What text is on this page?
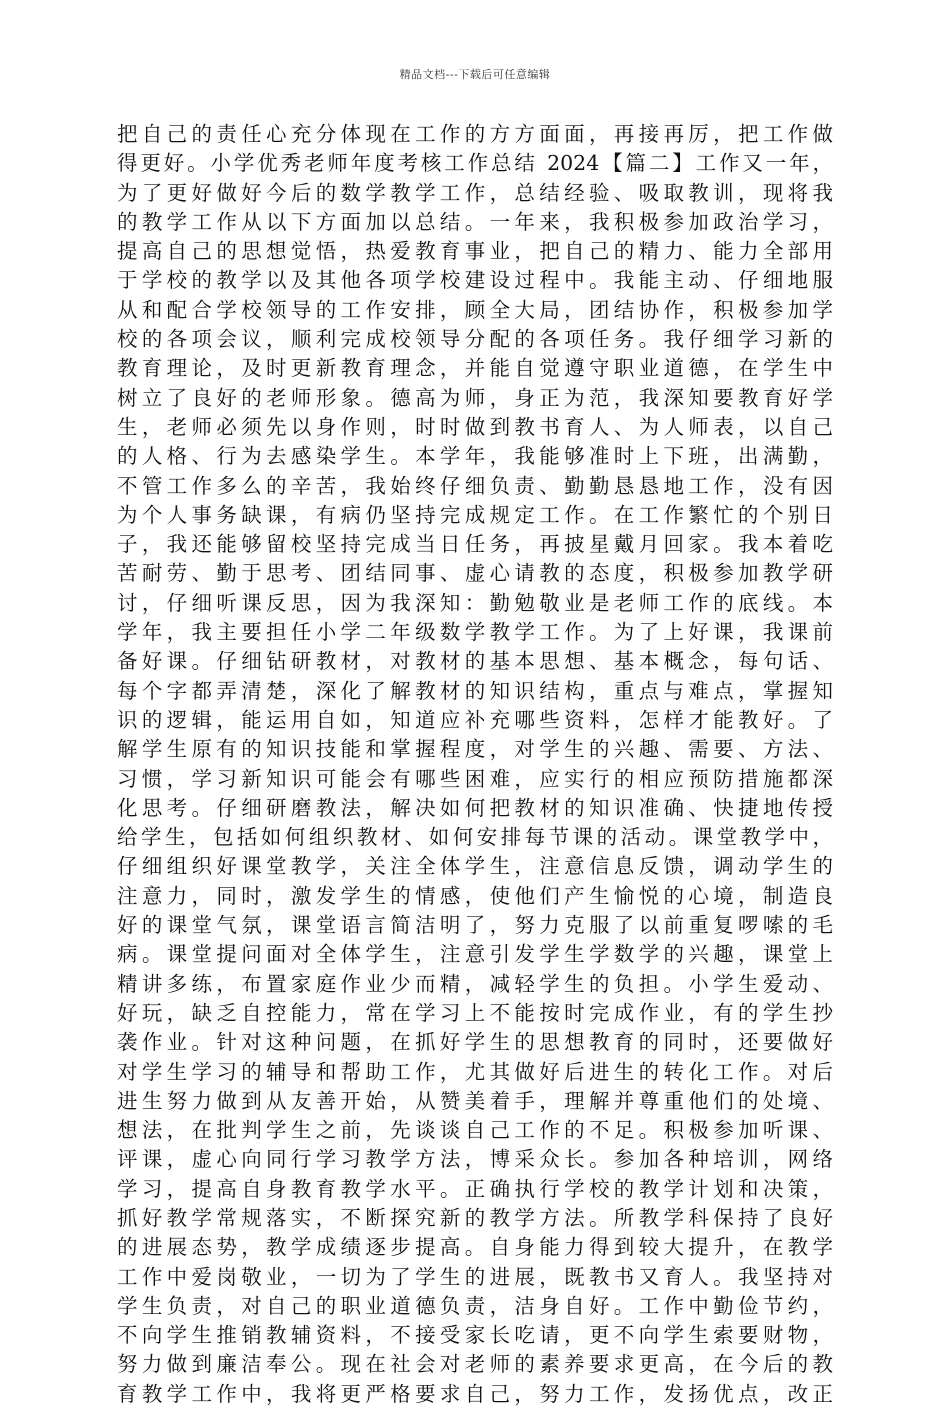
精品文档---下载后可任意编辑
把自己的责任心充分体现在工作的方方面面，再接再厉，把工作做
得更好。小学优秀老师年度考核工作总结 2024【篇二】工作又一年，
为了更好做好今后的数学教学工作，总结经验、吸取教训，现将我
的教学工作从以下方面加以总结。一年来，我积极参加政治学习，
提高自己的思想觉悟，热爱教育事业，把自己的精力、能力全部用
于学校的教学以及其他各项学校建设过程中。我能主动、仔细地服
从和配合学校领导的工作安排，顾全大局，团结协作，积极参加学
校的各项会议，顺利完成校领导分配的各项任务。我仔细学习新的
教育理论，及时更新教育理念，并能自觉遵守职业道德，在学生中
树立了良好的老师形象。德高为师，身正为范，我深知要教育好学
生，老师必须先以身作则，时时做到教书育人、为人师表，以自己
的人格、行为去感染学生。本学年，我能够准时上下班，出满勤，
不管工作多么的辛苦，我始终仔细负责、勤勤恳恳地工作，没有因
为个人事务缺课，有病仍坚持完成规定工作。在工作繁忙的个别日
子，我还能够留校坚持完成当日任务，再披星戴月回家。我本着吃
苦耐劳、勤于思考、团结同事、虚心请教的态度，积极参加教学研
讨，仔细听课反思，因为我深知：勤勉敬业是老师工作的底线。本
学年，我主要担任小学二年级数学教学工作。为了上好课，我课前
备好课。仔细钻研教材，对教材的基本思想、基本概念，每句话、
每个字都弄清楚，深化了解教材的知识结构，重点与难点，掌握知
识的逻辑，能运用自如，知道应补充哪些资料，怎样才能教好。了
解学生原有的知识技能和掌握程度，对学生的兴趣、需要、方法、
习惯，学习新知识可能会有哪些困难，应实行的相应预防措施都深
化思考。仔细研磨教法，解决如何把教材的知识准确、快捷地传授
给学生，包括如何组织教材、如何安排每节课的活动。课堂教学中，
仔细组织好课堂教学，关注全体学生，注意信息反馈，调动学生的
注意力，同时，激发学生的情感，使他们产生愉悦的心境，制造良
好的课堂气氛，课堂语言简洁明了，努力克服了以前重复啰嗦的毛
病。课堂提问面对全体学生，注意引发学生学数学的兴趣，课堂上
精讲多练，布置家庭作业少而精，减轻学生的负担。小学生爱动、
好玩，缺乏自控能力，常在学习上不能按时完成作业，有的学生抄
袭作业。针对这种问题，在抓好学生的思想教育的同时，还要做好
对学生学习的辅导和帮助工作，尤其做好后进生的转化工作。对后
进生努力做到从友善开始，从赞美着手，理解并尊重他们的处境、
想法，在批判学生之前，先谈谈自己工作的不足。积极参加听课、
评课，虚心向同行学习教学方法，博采众长。参加各种培训，网络
学习，提高自身教育教学水平。正确执行学校的教学计划和决策，
抓好教学常规落实，不断探究新的教学方法。所教学科保持了良好
的进展态势，教学成绩逐步提高。自身能力得到较大提升，在教学
工作中爱岗敬业，一切为了学生的进展，既教书又育人。我坚持对
学生负责，对自己的职业道德负责，洁身自好。工作中勤俭节约，
不向学生推销教辅资料，不接受家长吃请，更不向学生索要财物，
努力做到廉洁奉公。现在社会对老师的素养要求更高，在今后的教
育教学工作中，我将更严格要求自己，努力工作，发扬优点，改正
